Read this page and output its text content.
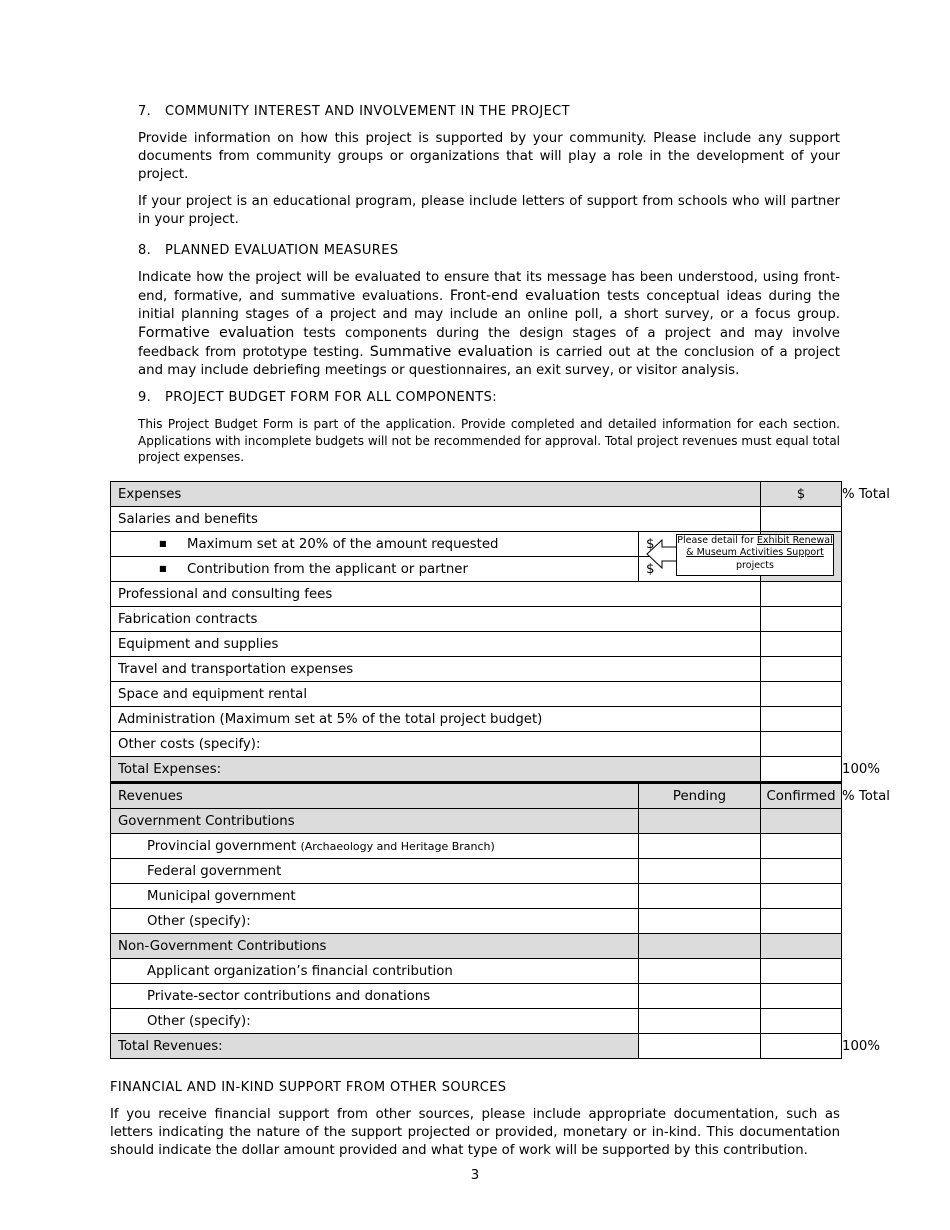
7. COMMUNITY INTEREST AND INVOLVEMENT IN THE PROJECT
Provide information on how this project is supported by your community. Please include any support documents from community groups or organizations that will play a role in the development of your project.
If your project is an educational program, please include letters of support from schools who will partner in your project.
8. PLANNED EVALUATION MEASURES
Indicate how the project will be evaluated to ensure that its message has been understood, using front-end, formative, and summative evaluations. Front-end evaluation tests conceptual ideas during the initial planning stages of a project and may include an online poll, a short survey, or a focus group. Formative evaluation tests components during the design stages of a project and may involve feedback from prototype testing. Summative evaluation is carried out at the conclusion of a project and may include debriefing meetings or questionnaires, an exit survey, or visitor analysis.
9. PROJECT BUDGET FORM FOR ALL COMPONENTS:
This Project Budget Form is part of the application. Provide completed and detailed information for each section. Applications with incomplete budgets will not be recommended for approval. Total project revenues must equal total project expenses.
Expenses		$	% Total
Salaries and benefits			
■ Maximum set at 20% of the amount requested	$		
■ Contribution from the applicant or partner	$		
Professional and consulting fees			
Fabrication contracts			
Equipment and supplies			
Travel and transportation expenses			
Space and equipment rental			
Administration (Maximum set at 5% of the total project budget)			
Other costs (specify):			
Total Expenses:			100%
Revenues	Pending	Confirmed	% Total
Government Contributions			
Provincial government (Archaeology and Heritage Branch)			
Federal government			
Municipal government			
Other (specify):			
Non-Government Contributions			
Applicant organization’s financial contribution			
Private-sector contributions and donations			
Other (specify):			
Total Revenues:			100%
Please detail for Exhibit Renewal & Museum Activities Support projects
FINANCIAL AND IN-KIND SUPPORT FROM OTHER SOURCES
If you receive financial support from other sources, please include appropriate documentation, such as letters indicating the nature of the support projected or provided, monetary or in-kind. This documentation should indicate the dollar amount provided and what type of work will be supported by this contribution.
3
